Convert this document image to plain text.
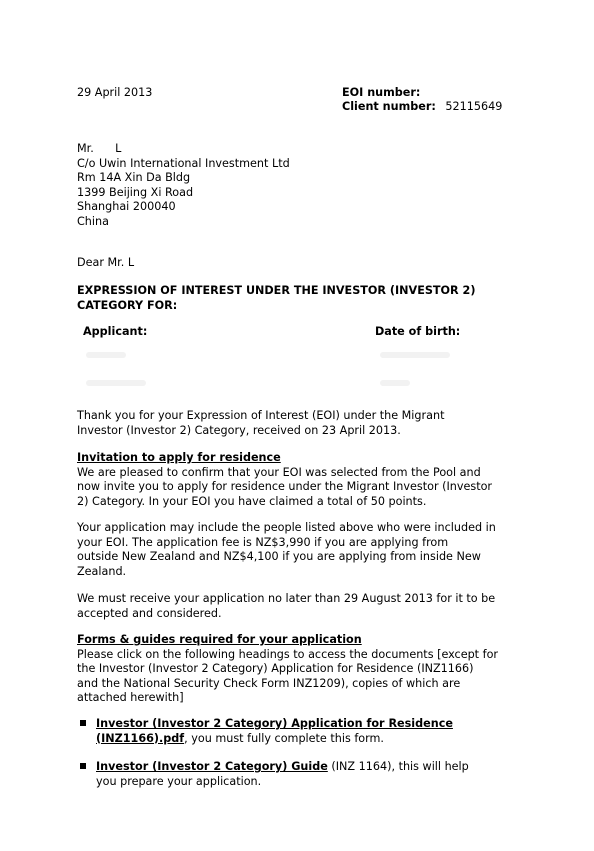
29 April 2013	EOI number:
Client number: 52115649
Mr.      L
C/o Uwin International Investment Ltd
Rm 14A Xin Da Bldg
1399 Beijing Xi Road
Shanghai 200040
China
Dear Mr. L
EXPRESSION OF INTEREST UNDER THE INVESTOR (INVESTOR 2)
CATEGORY FOR:
Applicant:	Date of birth:
Thank you for your Expression of Interest (EOI) under the Migrant
Investor (Investor 2) Category, received on 23 April 2013.
Invitation to apply for residence
We are pleased to confirm that your EOI was selected from the Pool and
now invite you to apply for residence under the Migrant Investor (Investor
2) Category. In your EOI you have claimed a total of 50 points.
Your application may include the people listed above who were included in
your EOI. The application fee is NZ$3,990 if you are applying from
outside New Zealand and NZ$4,100 if you are applying from inside New
Zealand.
We must receive your application no later than 29 August 2013 for it to be
accepted and considered.
Forms & guides required for your application
Please click on the following headings to access the documents [except for
the Investor (Investor 2 Category) Application for Residence (INZ1166)
and the National Security Check Form INZ1209), copies of which are
attached herewith]
Investor (Investor 2 Category) Application for Residence
(INZ1166).pdf, you must fully complete this form.
Investor (Investor 2 Category) Guide (INZ 1164), this will help
you prepare your application.
